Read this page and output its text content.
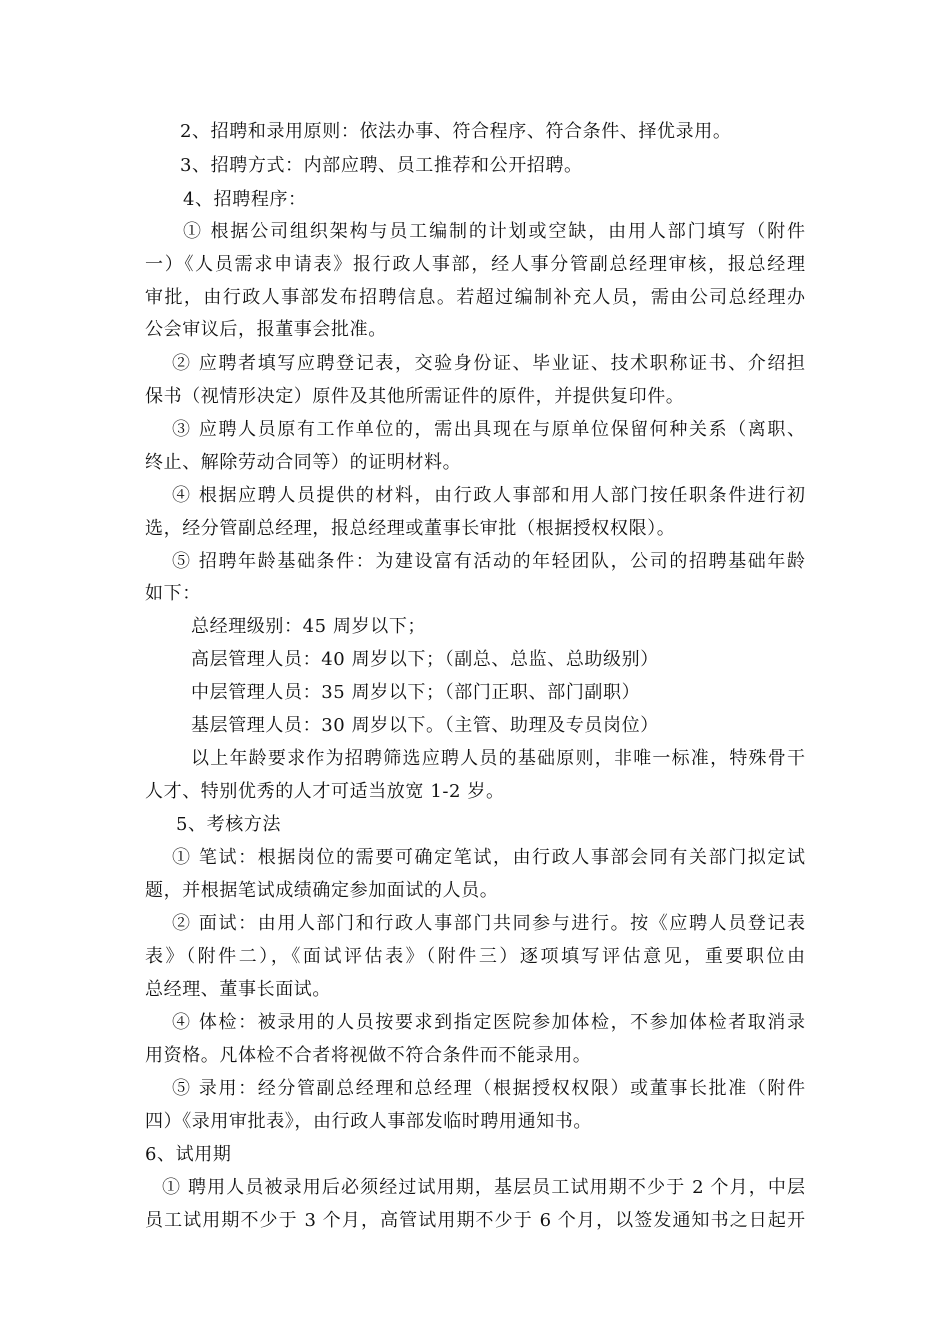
2、招聘和录用原则：依法办事、符合程序、符合条件、择优录用。
3、招聘方式：内部应聘、员工推荐和公开招聘。
4、招聘程序：
① 根据公司组织架构与员工编制的计划或空缺，由用人部门填写（附件
一）《人员需求申请表》报行政人事部，经人事分管副总经理审核，报总经理
审批，由行政人事部发布招聘信息。若超过编制补充人员，需由公司总经理办
公会审议后，报董事会批准。
② 应聘者填写应聘登记表，交验身份证、毕业证、技术职称证书、介绍担
保书（视情形决定）原件及其他所需证件的原件，并提供复印件。
③ 应聘人员原有工作单位的，需出具现在与原单位保留何种关系（离职、
终止、解除劳动合同等）的证明材料。
④ 根据应聘人员提供的材料，由行政人事部和用人部门按任职条件进行初
选，经分管副总经理，报总经理或董事长审批（根据授权权限）。
⑤ 招聘年龄基础条件：为建设富有活动的年轻团队，公司的招聘基础年龄
如下：
总经理级别：45 周岁以下；
高层管理人员：40 周岁以下；（副总、总监、总助级别）
中层管理人员：35 周岁以下；（部门正职、部门副职）
基层管理人员：30 周岁以下。（主管、助理及专员岗位）
以上年龄要求作为招聘筛选应聘人员的基础原则，非唯一标准，特殊骨干
人才、特别优秀的人才可适当放宽 1-2 岁。
5、考核方法
① 笔试：根据岗位的需要可确定笔试，由行政人事部会同有关部门拟定试
题，并根据笔试成绩确定参加面试的人员。
② 面试：由用人部门和行政人事部门共同参与进行。按《应聘人员登记表
表》（附件二），《面试评估表》（附件三）逐项填写评估意见，重要职位由
总经理、董事长面试。
④ 体检：被录用的人员按要求到指定医院参加体检，不参加体检者取消录
用资格。凡体检不合者将视做不符合条件而不能录用。
⑤ 录用：经分管副总经理和总经理（根据授权权限）或董事长批准（附件
四）《录用审批表》，由行政人事部发临时聘用通知书。
6、试用期
① 聘用人员被录用后必须经过试用期，基层员工试用期不少于 2 个月，中层
员工试用期不少于 3 个月，高管试用期不少于 6 个月，以签发通知书之日起开
